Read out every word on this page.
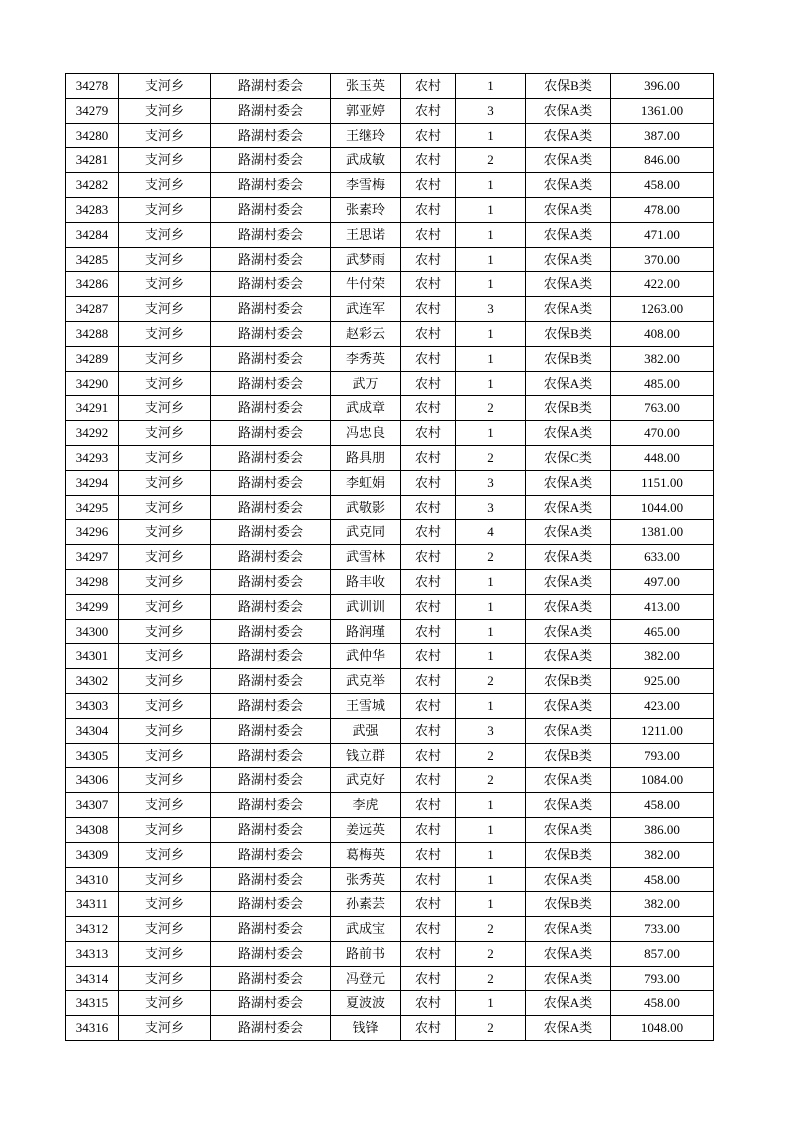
34278	支河乡	路湖村委会	张玉英	农村	1	农保B类	396.00
34279	支河乡	路湖村委会	郭亚婷	农村	3	农保A类	1361.00
34280	支河乡	路湖村委会	王继玲	农村	1	农保A类	387.00
34281	支河乡	路湖村委会	武成敏	农村	2	农保A类	846.00
34282	支河乡	路湖村委会	李雪梅	农村	1	农保A类	458.00
34283	支河乡	路湖村委会	张素玲	农村	1	农保A类	478.00
34284	支河乡	路湖村委会	王思诺	农村	1	农保A类	471.00
34285	支河乡	路湖村委会	武梦雨	农村	1	农保A类	370.00
34286	支河乡	路湖村委会	牛付荣	农村	1	农保A类	422.00
34287	支河乡	路湖村委会	武连军	农村	3	农保A类	1263.00
34288	支河乡	路湖村委会	赵彩云	农村	1	农保B类	408.00
34289	支河乡	路湖村委会	李秀英	农村	1	农保B类	382.00
34290	支河乡	路湖村委会	武万	农村	1	农保A类	485.00
34291	支河乡	路湖村委会	武成章	农村	2	农保B类	763.00
34292	支河乡	路湖村委会	冯忠良	农村	1	农保A类	470.00
34293	支河乡	路湖村委会	路具朋	农村	2	农保C类	448.00
34294	支河乡	路湖村委会	李虹娟	农村	3	农保A类	1151.00
34295	支河乡	路湖村委会	武敬影	农村	3	农保A类	1044.00
34296	支河乡	路湖村委会	武克同	农村	4	农保A类	1381.00
34297	支河乡	路湖村委会	武雪林	农村	2	农保A类	633.00
34298	支河乡	路湖村委会	路丰收	农村	1	农保A类	497.00
34299	支河乡	路湖村委会	武训训	农村	1	农保A类	413.00
34300	支河乡	路湖村委会	路润瑾	农村	1	农保A类	465.00
34301	支河乡	路湖村委会	武仲华	农村	1	农保A类	382.00
34302	支河乡	路湖村委会	武克举	农村	2	农保B类	925.00
34303	支河乡	路湖村委会	王雪城	农村	1	农保A类	423.00
34304	支河乡	路湖村委会	武强	农村	3	农保A类	1211.00
34305	支河乡	路湖村委会	钱立群	农村	2	农保B类	793.00
34306	支河乡	路湖村委会	武克好	农村	2	农保A类	1084.00
34307	支河乡	路湖村委会	李虎	农村	1	农保A类	458.00
34308	支河乡	路湖村委会	姜远英	农村	1	农保A类	386.00
34309	支河乡	路湖村委会	葛梅英	农村	1	农保B类	382.00
34310	支河乡	路湖村委会	张秀英	农村	1	农保A类	458.00
34311	支河乡	路湖村委会	孙素芸	农村	1	农保B类	382.00
34312	支河乡	路湖村委会	武成宝	农村	2	农保A类	733.00
34313	支河乡	路湖村委会	路前书	农村	2	农保A类	857.00
34314	支河乡	路湖村委会	冯登元	农村	2	农保A类	793.00
34315	支河乡	路湖村委会	夏波波	农村	1	农保A类	458.00
34316	支河乡	路湖村委会	钱锋	农村	2	农保A类	1048.00
